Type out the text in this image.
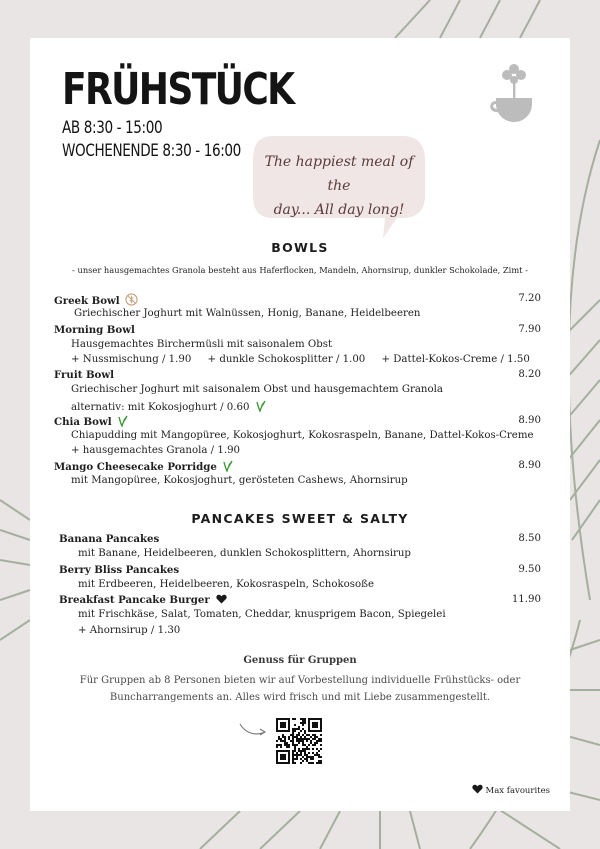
FRÜHSTÜCK
AB 8:30 - 15:00
WOCHENENDE 8:30 - 16:00
The happiest meal of the
day... All day long!
BOWLS
- unser hausgemachtes Granola besteht aus Haferflocken, Mandeln, Ahornsirup, dunkler Schokolade, Zimt -
Greek Bowl	7.20
Griechischer Joghurt mit Walnüssen, Honig, Banane, Heidelbeeren
Morning Bowl	7.90
Hausgemachtes Birchermüsli mit saisonalem Obst
+ Nussmischung / 1.90     + dunkle Schokosplitter / 1.00     + Dattel-Kokos-Creme / 1.50
Fruit Bowl	8.20
Griechischer Joghurt mit saisonalem Obst und hausgemachtem Granola
alternativ: mit Kokosjoghurt / 0.60
Chia Bowl	8.90
Chiapudding mit Mangopüree, Kokosjoghurt, Kokosraspeln, Banane, Dattel-Kokos-Creme
+ hausgemachtes Granola / 1.90
Mango Cheesecake Porridge	8.90
mit Mangopüree, Kokosjoghurt, gerösteten Cashews, Ahornsirup
PANCAKES SWEET & SALTY
Banana Pancakes	8.50
mit Banane, Heidelbeeren, dunklen Schokosplittern, Ahornsirup
Berry Bliss Pancakes	9.50
mit Erdbeeren, Heidelbeeren, Kokosraspeln, Schokosoße
Breakfast Pancake Burger	11.90
mit Frischkäse, Salat, Tomaten, Cheddar, knusprigem Bacon, Spiegelei
+ Ahornsirup / 1.30
Genuss für Gruppen
Für Gruppen ab 8 Personen bieten wir auf Vorbestellung individuelle Frühstücks- oder
Buncharrangements an. Alles wird frisch und mit Liebe zusammengestellt.
Max favourites
